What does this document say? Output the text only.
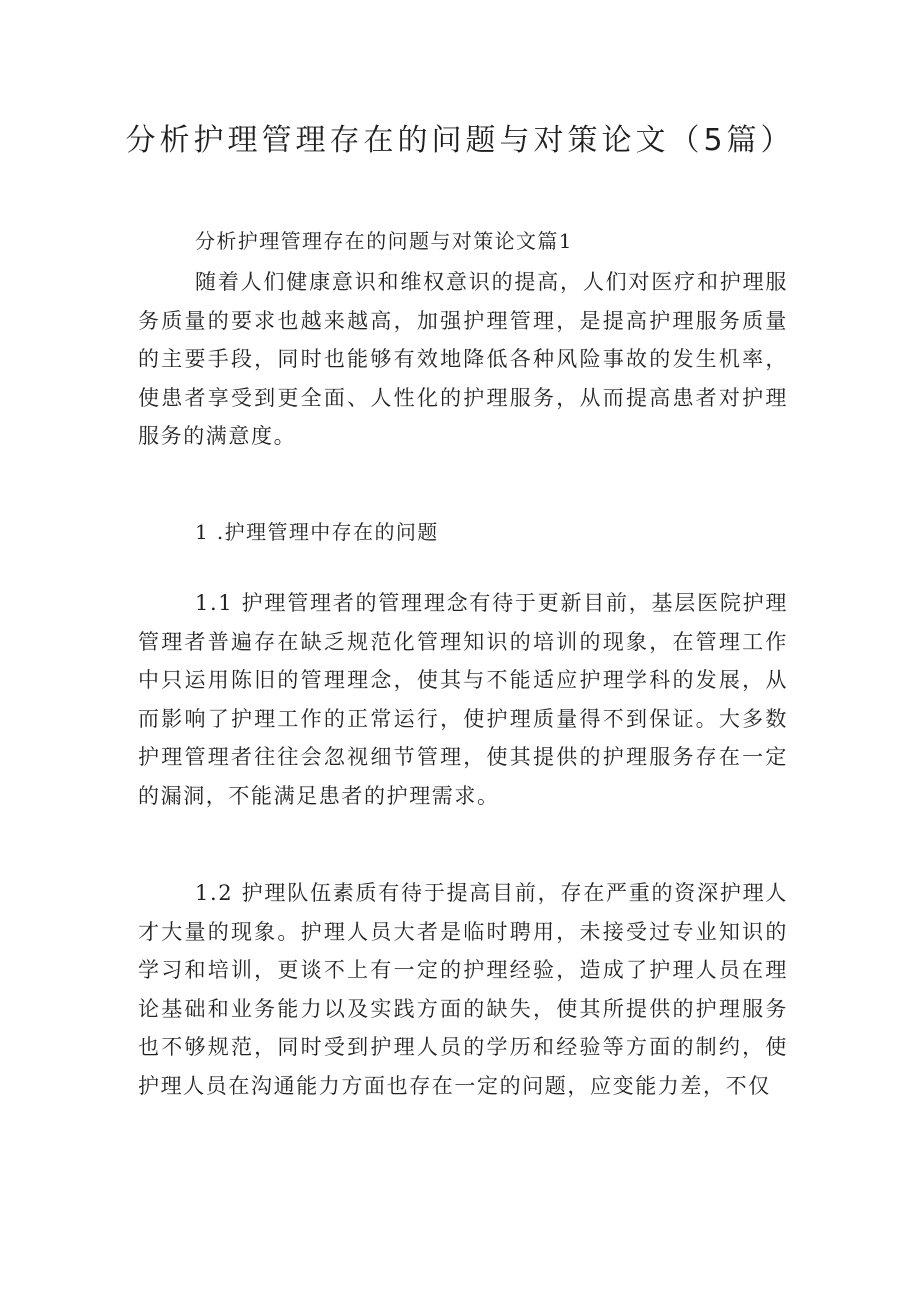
分析护理管理存在的问题与对策论文（5篇）

分析护理管理存在的问题与对策论文篇1

随着人们健康意识和维权意识的提高，人们对医疗和护理服务质量的要求也越来越高，加强护理管理，是提高护理服务质量的主要手段，同时也能够有效地降低各种风险事故的发生机率，使患者享受到更全面、人性化的护理服务，从而提高患者对护理服务的满意度。

1 .护理管理中存在的问题

1.1 护理管理者的管理理念有待于更新目前，基层医院护理管理者普遍存在缺乏规范化管理知识的培训的现象，在管理工作中只运用陈旧的管理理念，使其与不能适应护理学科的发展，从而影响了护理工作的正常运行，使护理质量得不到保证。大多数护理管理者往往会忽视细节管理，使其提供的护理服务存在一定的漏洞，不能满足患者的护理需求。

1.2 护理队伍素质有待于提高目前，存在严重的资深护理人才大量的现象。护理人员大者是临时聘用，未接受过专业知识的学习和培训，更谈不上有一定的护理经验，造成了护理人员在理论基础和业务能力以及实践方面的缺失，使其所提供的护理服务也不够规范，同时受到护理人员的学历和经验等方面的制约，使护理人员在沟通能力方面也存在一定的问题，应变能力差，不仅
